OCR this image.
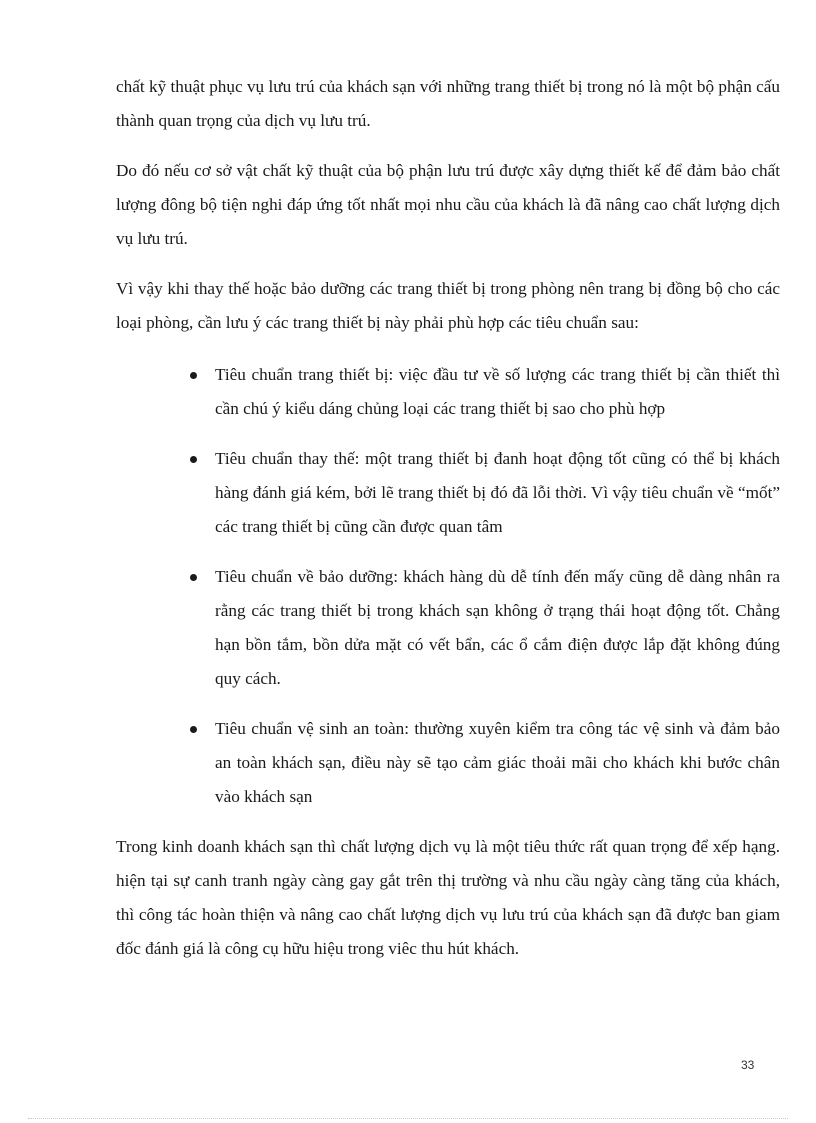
chất kỹ thuật phục vụ lưu trú của khách sạn với những trang thiết bị trong nó là một bộ phận cấu thành quan trọng của dịch vụ lưu trú.

Do đó nếu cơ sở vật chất kỹ thuật của bộ phận lưu trú được xây dựng thiết kế để đảm bảo chất lượng đông bộ tiện nghi đáp ứng tốt nhất mọi nhu cầu của khách là đã nâng cao chất lượng dịch vụ lưu trú.

Vì vậy khi thay thế hoặc bảo dưỡng các trang thiết bị trong phòng nên trang bị đồng bộ cho các loại phòng, cần lưu ý các trang thiết bị này phải phù hợp các tiêu chuẩn sau:

Tiêu chuẩn trang thiết bị: việc đầu tư về số lượng các trang thiết bị cần thiết thì cần chú ý kiểu dáng chủng loại các trang thiết bị sao cho phù hợp
Tiêu chuẩn thay thế: một trang thiết bị đanh hoạt động tốt cũng có thể bị khách hàng đánh giá kém, bởi lẽ trang thiết bị đó đã lỗi thời. Vì vậy tiêu chuẩn về “mốt” các trang thiết bị cũng cần được quan tâm
Tiêu chuẩn về bảo dưỡng: khách hàng dù dễ tính đến mấy cũng dễ dàng nhân ra rằng các trang thiết bị trong khách sạn không ở trạng thái hoạt động tốt. Chẳng hạn bồn tắm, bồn dửa mặt có vết bẩn, các ổ cắm điện được lắp đặt không đúng quy cách.
Tiêu chuẩn vệ sinh an toàn: thường xuyên kiểm tra công tác vệ sinh và đảm bảo an toàn khách sạn, điều này sẽ tạo cảm giác thoải mãi cho khách khi bước chân vào khách sạn

Trong kinh doanh khách sạn thì chất lượng dịch vụ là một tiêu thức rất quan trọng để xếp hạng. hiện tại sự canh tranh ngày càng gay gắt trên thị trường và nhu cầu ngày càng tăng của khách, thì công tác hoàn thiện và nâng cao chất lượng dịch vụ lưu trú của khách sạn đã được ban giam đốc đánh giá là công cụ hữu hiệu trong viêc thu hút khách.

33
